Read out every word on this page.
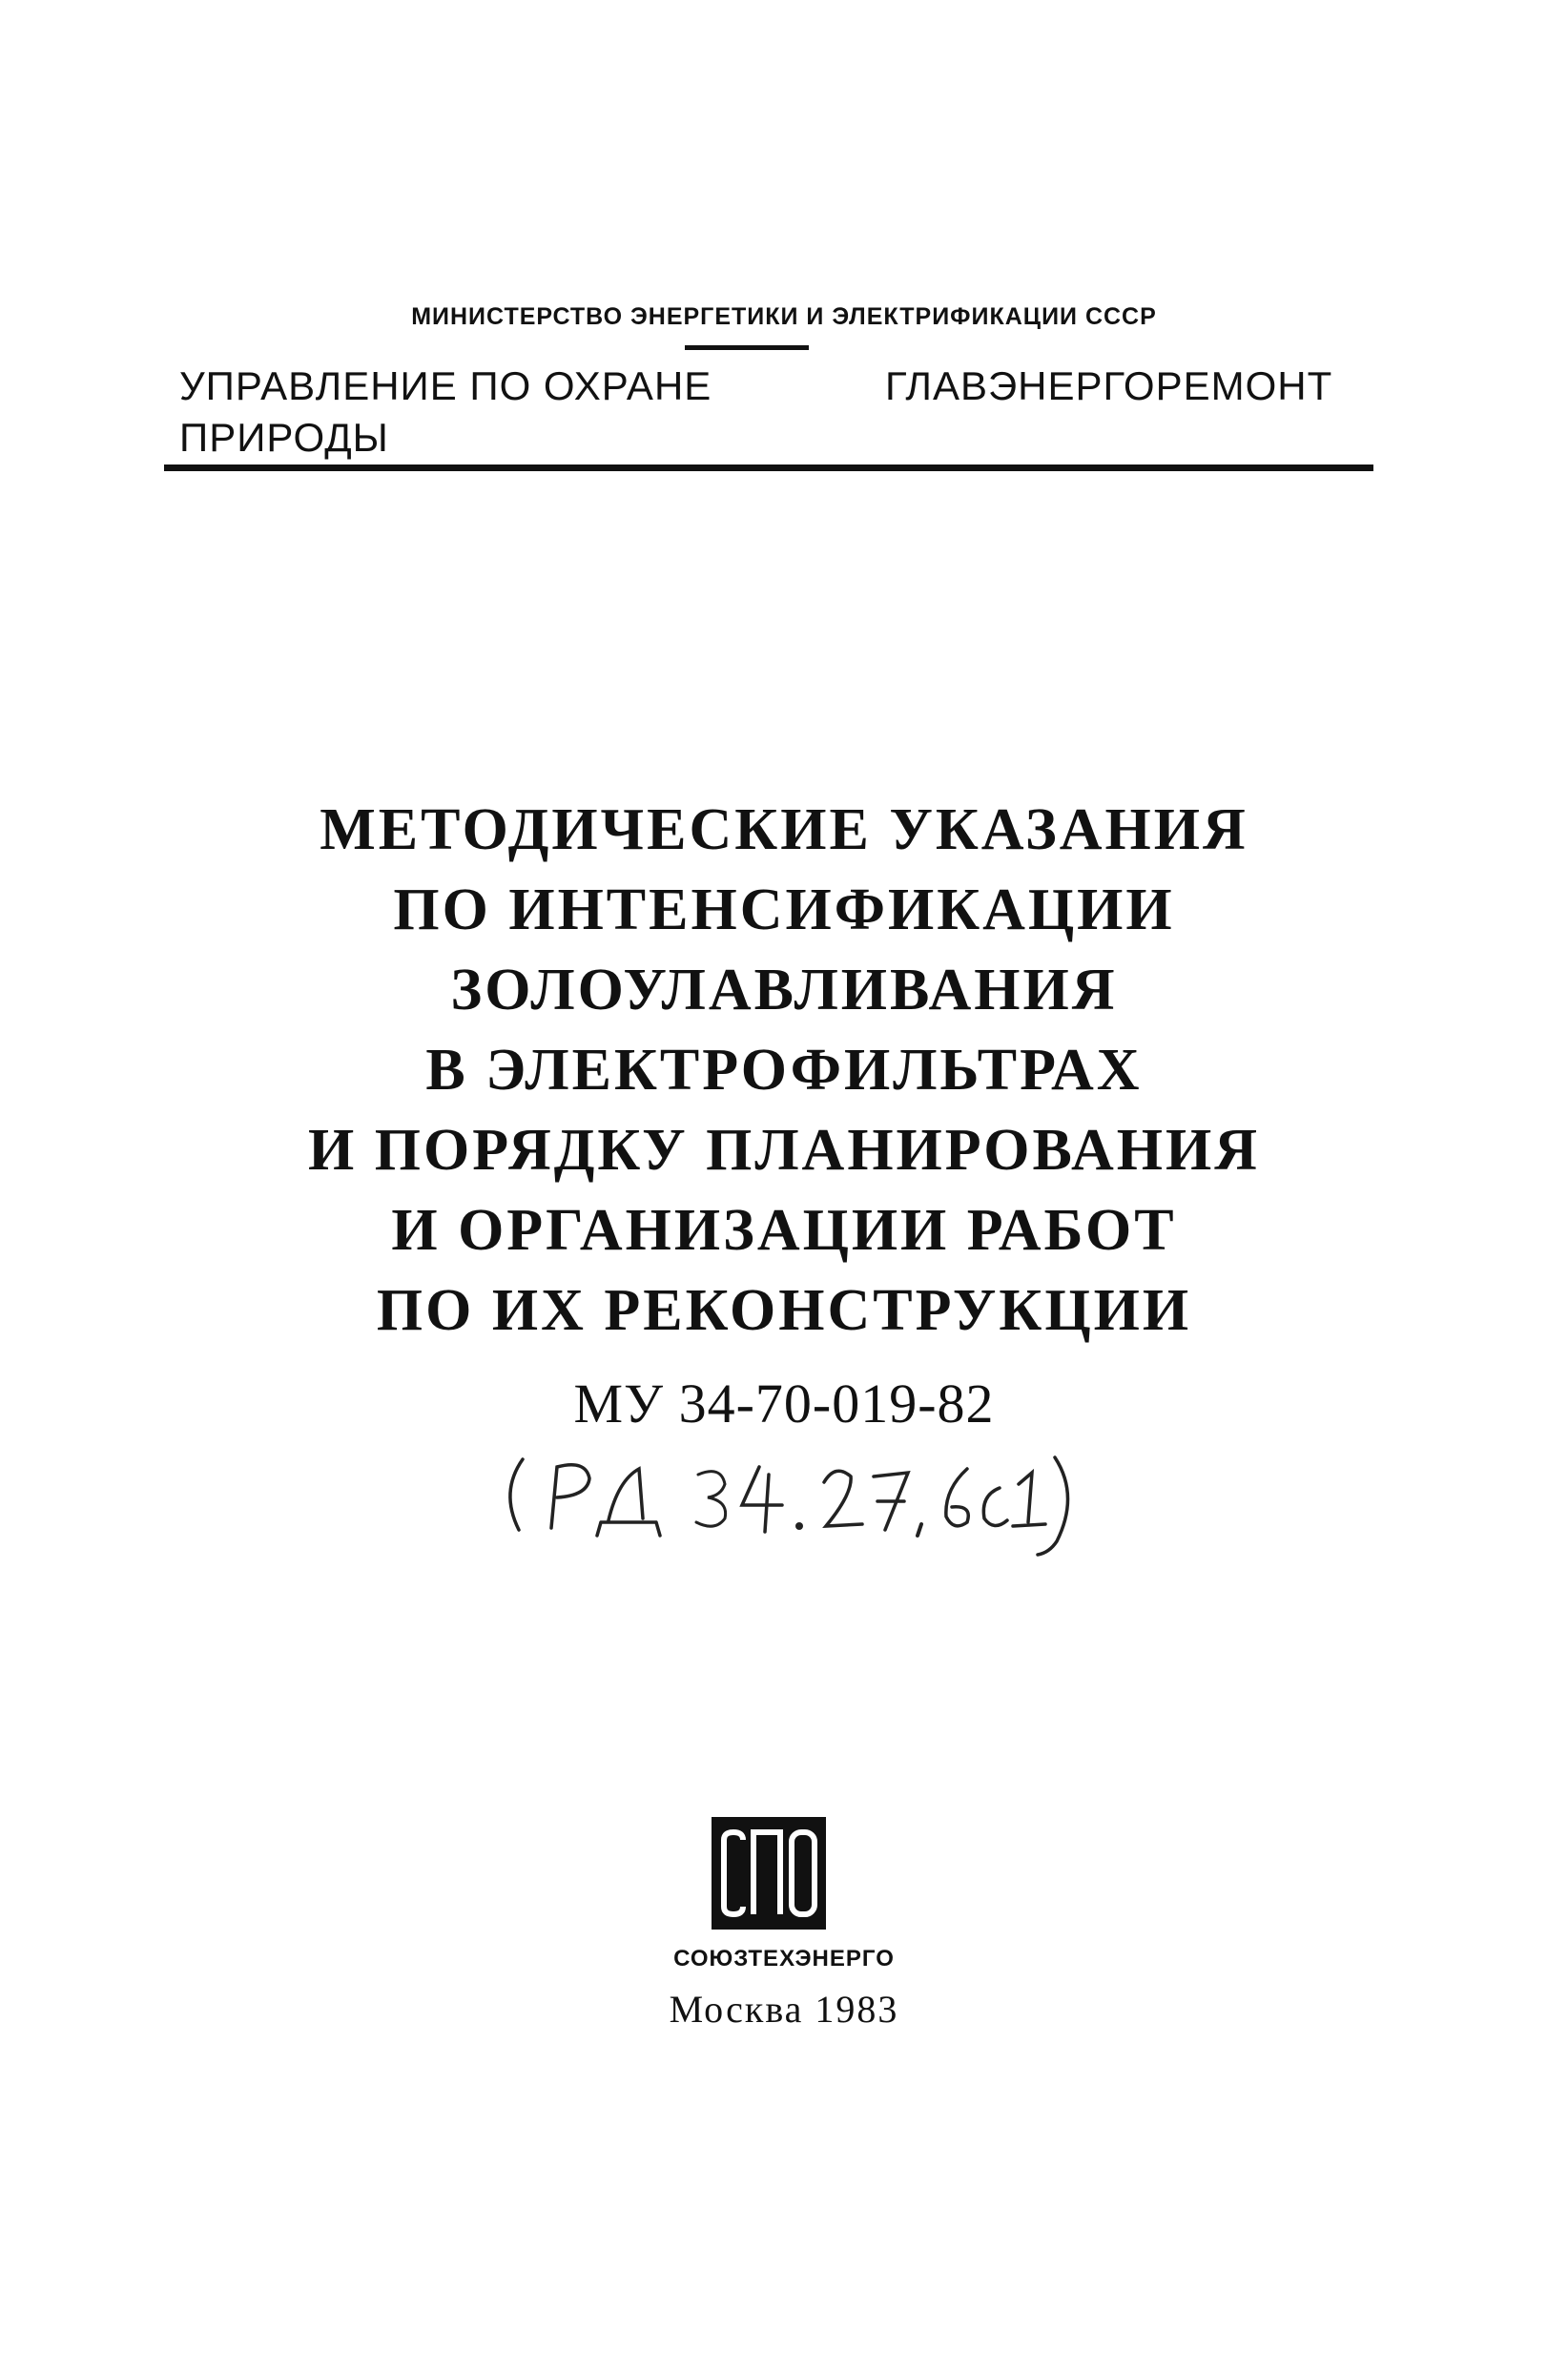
МИНИСТЕРСТВО ЭНЕРГЕТИКИ И ЭЛЕКТРИФИКАЦИИ СССР
УПРАВЛЕНИЕ ПО ОХРАНЕ
ПРИРОДЫ
ГЛАВЭНЕРГОРЕМОНТ
МЕТОДИЧЕСКИЕ УКАЗАНИЯ
ПО ИНТЕНСИФИКАЦИИ
ЗОЛОУЛАВЛИВАНИЯ
В ЭЛЕКТРОФИЛЬТРАХ
И ПОРЯДКУ ПЛАНИРОВАНИЯ
И ОРГАНИЗАЦИИ РАБОТ
ПО ИХ РЕКОНСТРУКЦИИ
МУ 34-70-019-82
СОЮЗТЕХЭНЕРГО
Москва 1983
